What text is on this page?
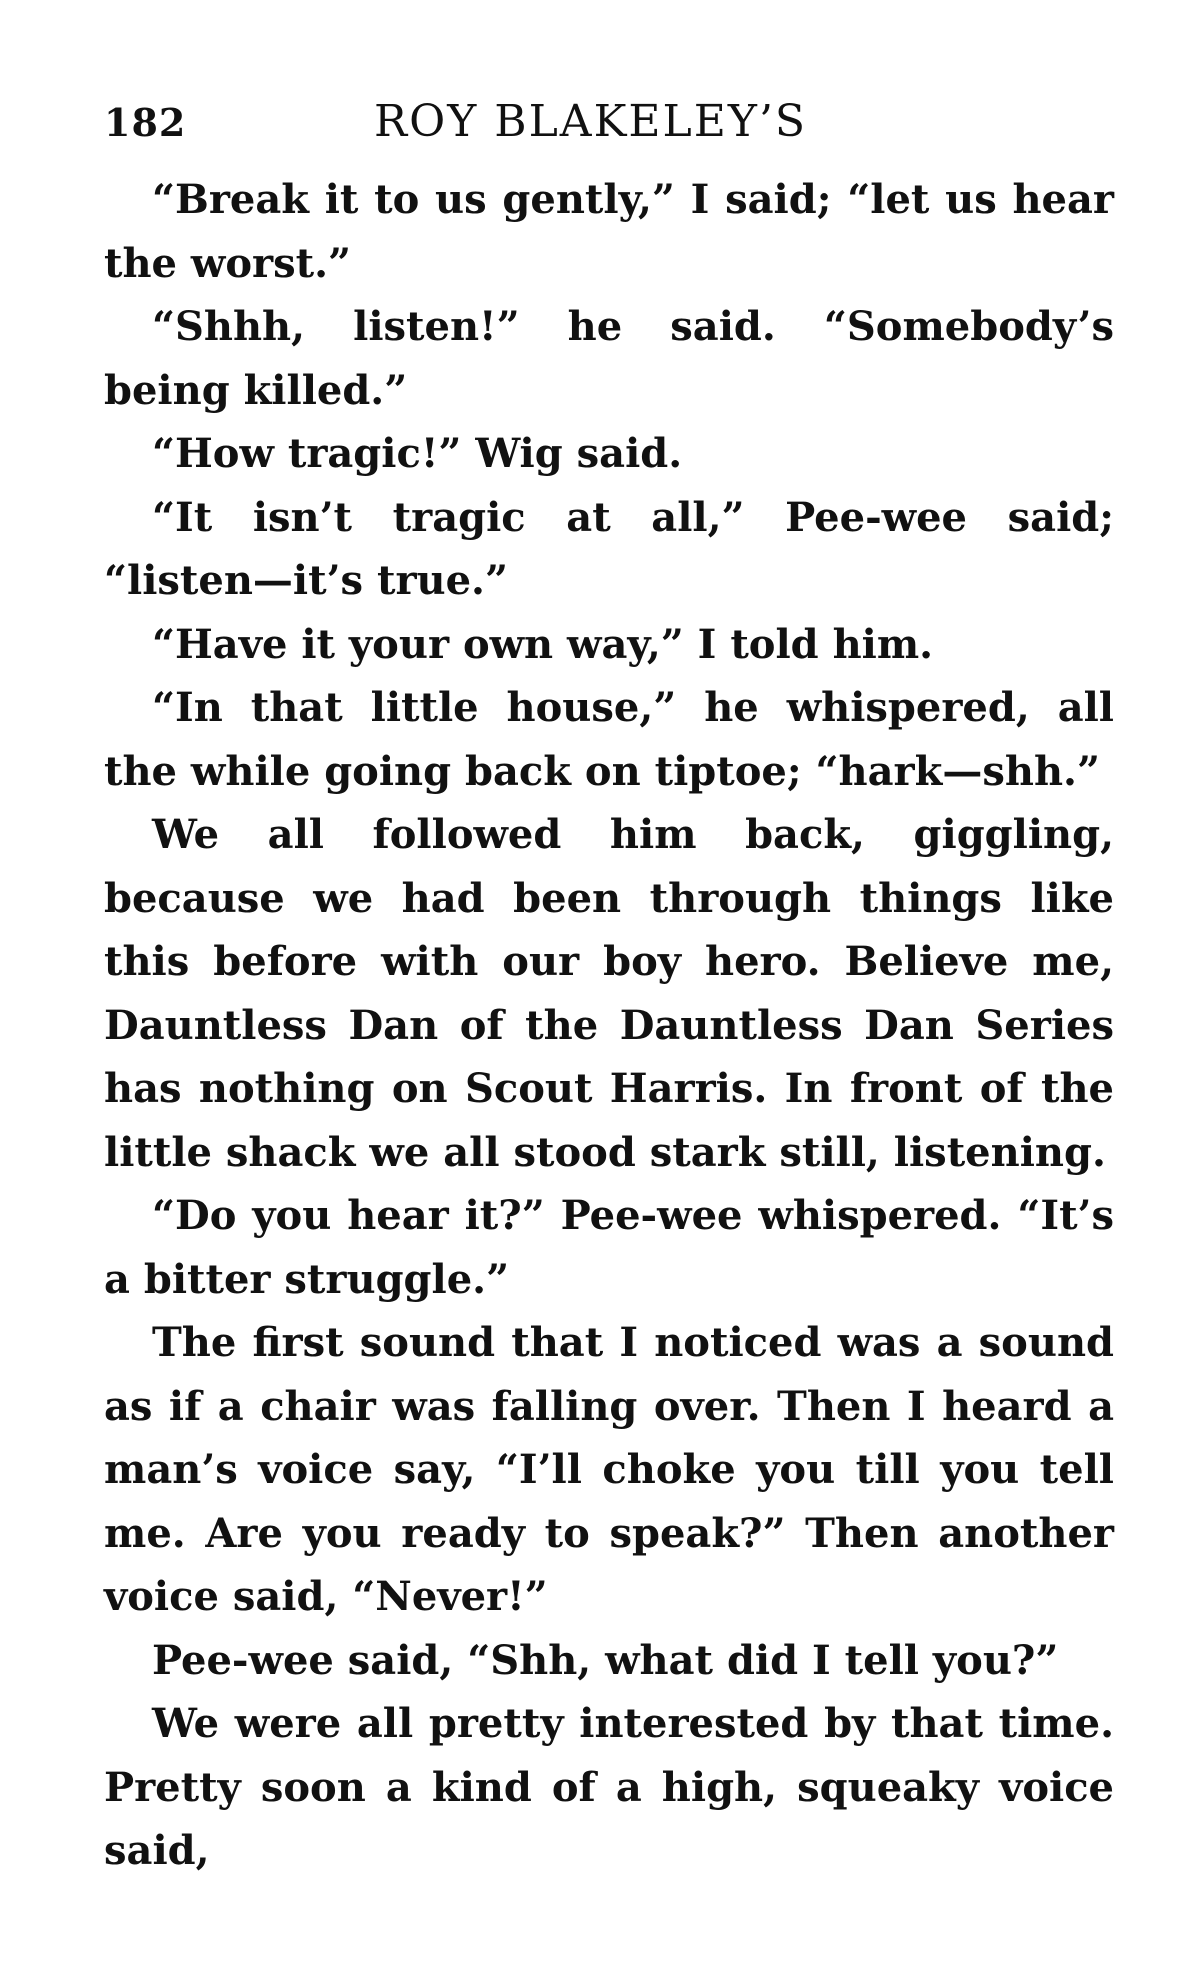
182	ROY BLAKELEY’S

“Break it to us gently,” I said; “let us hear the worst.”

“Shhh, listen!” he said. “Somebody’s being killed.”

“How tragic!” Wig said.

“It isn’t tragic at all,” Pee-wee said; “listen—it’s true.”

“Have it your own way,” I told him.

“In that little house,” he whispered, all the while going back on tiptoe; “hark—shh.”

We all followed him back, giggling, because we had been through things like this before with our boy hero. Believe me, Dauntless Dan of the Dauntless Dan Series has nothing on Scout Harris. In front of the little shack we all stood stark still, listening.

“Do you hear it?” Pee-wee whispered. “It’s a bitter struggle.”

The first sound that I noticed was a sound as if a chair was falling over. Then I heard a man’s voice say, “I’ll choke you till you tell me. Are you ready to speak?” Then another voice said, “Never!”

Pee-wee said, “Shh, what did I tell you?”

We were all pretty interested by that time. Pretty soon a kind of a high, squeaky voice said,
